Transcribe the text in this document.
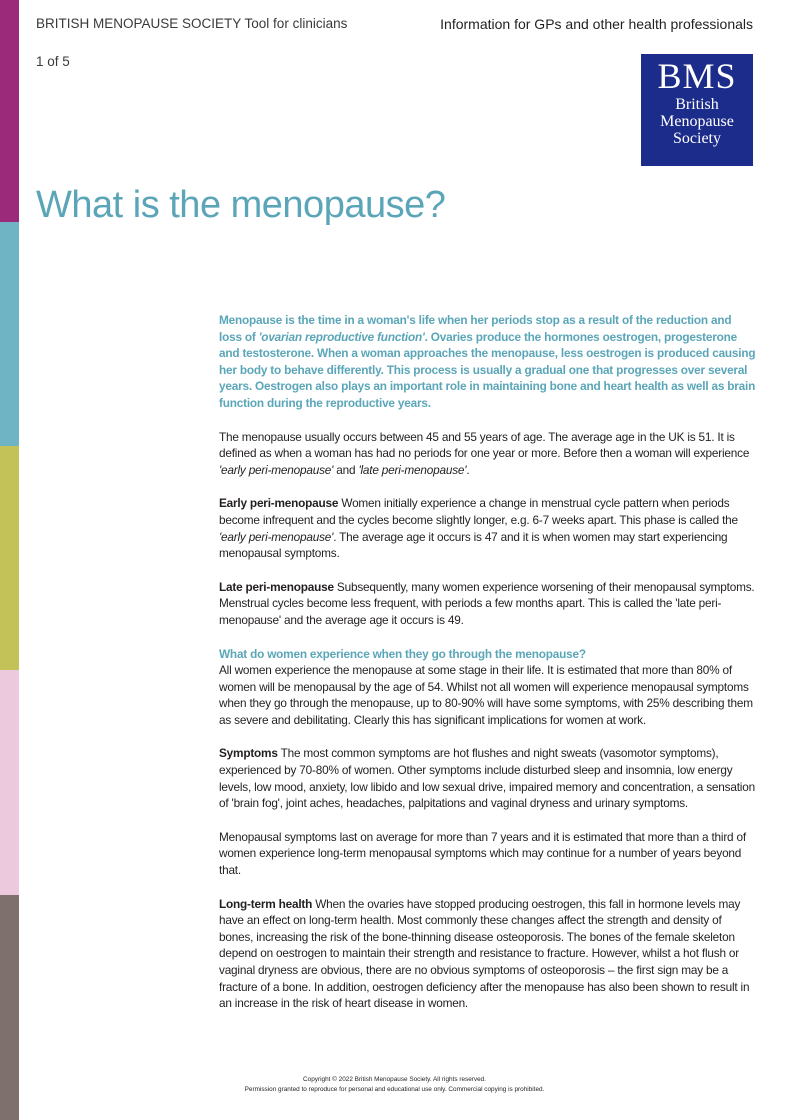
BRITISH MENOPAUSE SOCIETY Tool for clinicians	Information for GPs and other health professionals
1 of 5	BMS
British
Menopause
Society
What is the menopause?

Menopause is the time in a woman's life when her periods stop as a result of the reduction and loss of 'ovarian reproductive function'. Ovaries produce the hormones oestrogen, progesterone and testosterone. When a woman approaches the menopause, less oestrogen is produced causing her body to behave differently. This process is usually a gradual one that progresses over several years. Oestrogen also plays an important role in maintaining bone and heart health as well as brain function during the reproductive years.

The menopause usually occurs between 45 and 55 years of age. The average age in the UK is 51. It is defined as when a woman has had no periods for one year or more. Before then a woman will experience 'early peri-menopause' and 'late peri-menopause'.

Early peri-menopause Women initially experience a change in menstrual cycle pattern when periods become infrequent and the cycles become slightly longer, e.g. 6-7 weeks apart. This phase is called the 'early peri-menopause'. The average age it occurs is 47 and it is when women may start experiencing menopausal symptoms.

Late peri-menopause Subsequently, many women experience worsening of their menopausal symptoms. Menstrual cycles become less frequent, with periods a few months apart. This is called the 'late peri-menopause' and the average age it occurs is 49.

What do women experience when they go through the menopause?
All women experience the menopause at some stage in their life. It is estimated that more than 80% of women will be menopausal by the age of 54. Whilst not all women will experience menopausal symptoms when they go through the menopause, up to 80-90% will have some symptoms, with 25% describing them as severe and debilitating. Clearly this has significant implications for women at work.

Symptoms The most common symptoms are hot flushes and night sweats (vasomotor symptoms), experienced by 70-80% of women. Other symptoms include disturbed sleep and insomnia, low energy levels, low mood, anxiety, low libido and low sexual drive, impaired memory and concentration, a sensation of 'brain fog', joint aches, headaches, palpitations and vaginal dryness and urinary symptoms.

Menopausal symptoms last on average for more than 7 years and it is estimated that more than a third of women experience long-term menopausal symptoms which may continue for a number of years beyond that.

Long-term health When the ovaries have stopped producing oestrogen, this fall in hormone levels may have an effect on long-term health. Most commonly these changes affect the strength and density of bones, increasing the risk of the bone-thinning disease osteoporosis. The bones of the female skeleton depend on oestrogen to maintain their strength and resistance to fracture. However, whilst a hot flush or vaginal dryness are obvious, there are no obvious symptoms of osteoporosis – the first sign may be a fracture of a bone. In addition, oestrogen deficiency after the menopause has also been shown to result in an increase in the risk of heart disease in women.

Copyright © 2022 British Menopause Society. All rights reserved.
Permission granted to reproduce for personal and educational use only. Commercial copying is prohibited.
